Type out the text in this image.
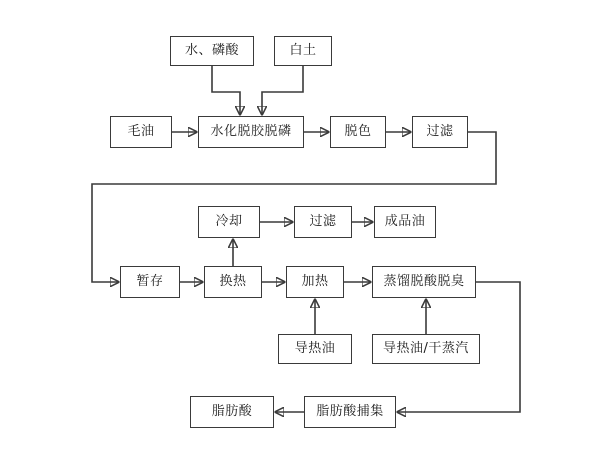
水、磷酸	白土
毛油	水化脱胶脱磷	脱色	过滤
冷却	过滤	成品油
暂存	换热	加热	蒸馏脱酸脱臭
导热油	导热油/干蒸汽
脂肪酸	脂肪酸捕集
